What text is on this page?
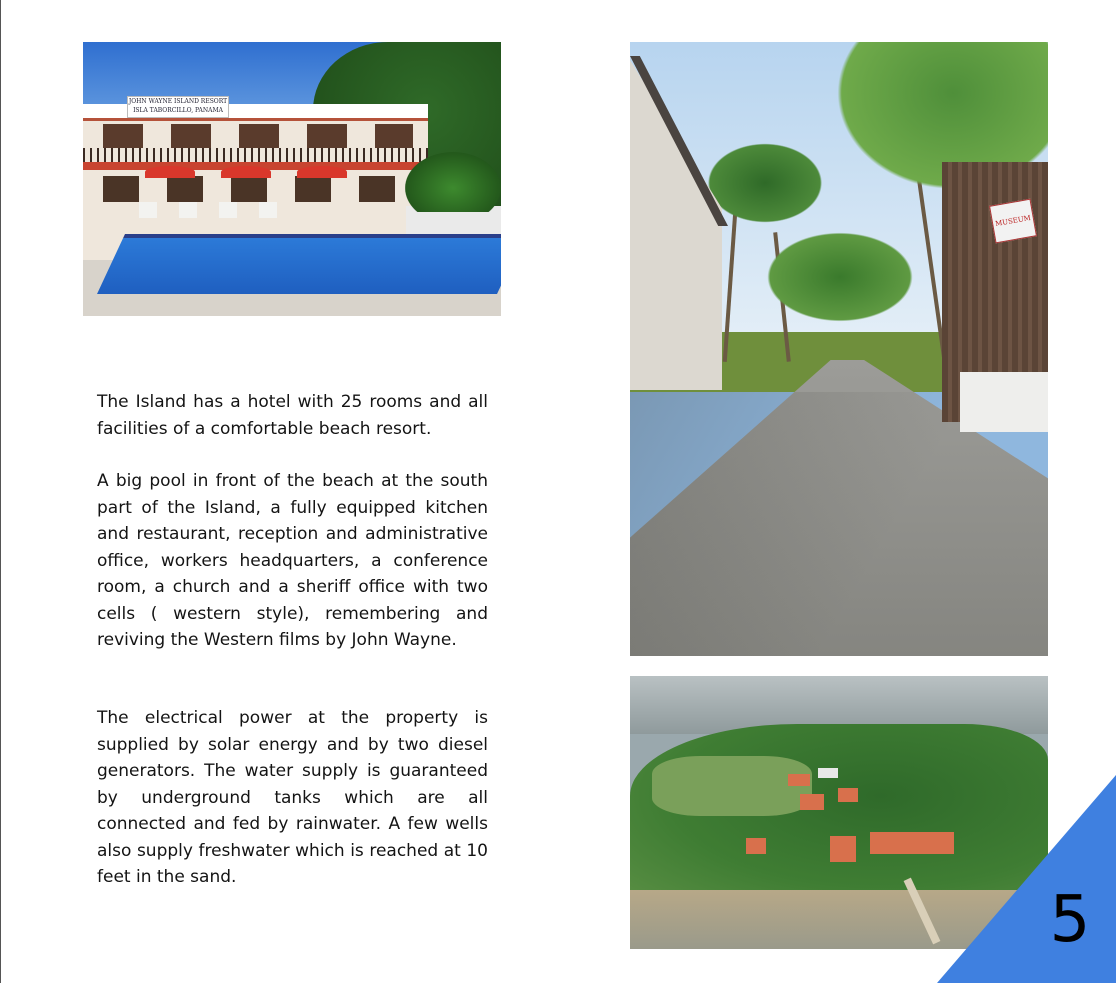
JOHN WAYNE ISLAND RESORT
ISLA TABORCILLO, PANAMA
MUSEUM

The Island has a hotel with 25 rooms and all facilities of a comfortable beach resort.

A big pool in front of the beach at the south part of the Island, a fully equipped kitchen and restaurant, reception and administrative office, workers headquarters, a conference room, a church and a sheriff office with two cells ( western style), remembering and reviving the Western films by John Wayne.

The electrical power at the property is supplied by solar energy and by two diesel generators. The water supply is guaranteed by underground tanks which are all connected and fed by rainwater. A few wells also supply freshwater which is reached at 10 feet in the sand.

5
